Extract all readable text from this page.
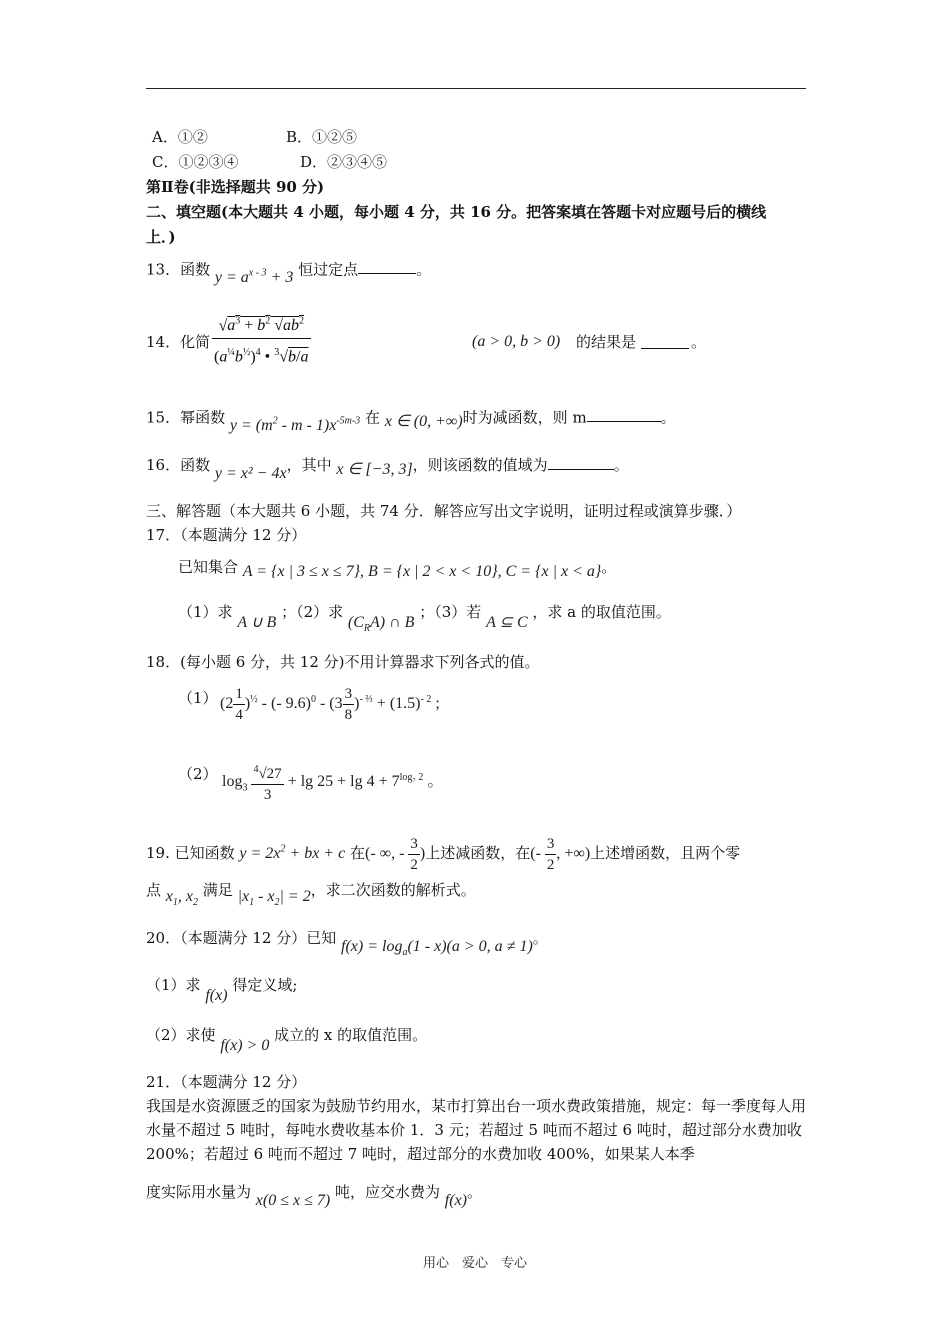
A．①②	B．①②⑤
C．①②③④	D．②③④⑤
第Ⅱ卷(非选择题共 90 分)
二、填空题(本大题共 4 小题，每小题 4 分，共 16 分。把答案填在答题卡对应题号后的横线
上．)
13．函数 $y = a^{x - 3} + 3$ 恒过定点	。
14．化简 $\frac{√a^3 + b^2 √ab^2}{(a^{\frac{1}{4}}b^{\frac{1}{2}})^4 • ^3√b/a}$	(a > 0, b > 0) 的结果是	。
15．幂函数 $y = (m^2 - m - 1)x^{-5m-3}$ 在 x ∈ (0, +∞)时为减函数，则 m	。
16．函数 y = x² − 4x，其中 x ∈ [−3, 3]，则该函数的值域为	。
三、解答题（本大题共 6 小题，共 74 分．解答应写出文字说明，证明过程或演算步骤．）
17．（本题满分 12 分）
已知集合 A = {x | 3 ≤ x ≤ 7}, B = {x | 2 < x < 10}, C = {x | x < a}。
（1）求 A ∪ B ；（2）求 $(C_RA)$ ∩ B ；（3）若 A ⊆ C ，求 a 的取值范围。
18．(每小题 6 分，共 12 分)不用计算器求下列各式的值。
（1） $(2 \frac{1}{4} )^{\frac{1}{2}}$ - (- $9.6)^0 - (3 \frac{3}{8} )^{- \frac{2}{3}} + (1.5)^{- 2}$ ;
（2） $\log_3 \frac{^4√27}{3} + \lg 25 + \lg 4 + 7^{log_7 2}$ 。
19. 已知函数 $y = 2x^2$ + bx + c 在(- ∞, - $\frac{3}{2}$ )上述减函数，在(- $\frac{3}{2}$ , +∞)上述增函数，且两个零
点 $x_1$, $x_2$ 满足 $|x_1 - x_2| = 2$，求二次函数的解析式。
20．（本题满分 12 分）已知 $f(x) = \log_a(1 - x)(a > 0$, a ≠ 1)。
（1）求 f(x) 得定义域;
（2）求使 f(x) > 0 成立的 x 的取值范围。
21．（本题满分 12 分）
我国是水资源匮乏的国家为鼓励节约用水，某市打算出台一项水费政策措施，规定：每一季度每人用水量不超过 5 吨时，每吨水费收基本价 1．3 元；若超过 5 吨而不超过 6 吨时，超过部分水费加收 200%；若超过 6 吨而不超过 7 吨时，超过部分的水费加收 400%，如果某人本季
度实际用水量为 x(0 ≤ x ≤ 7) 吨，应交水费为 f(x)。
用心　爱心　专心
